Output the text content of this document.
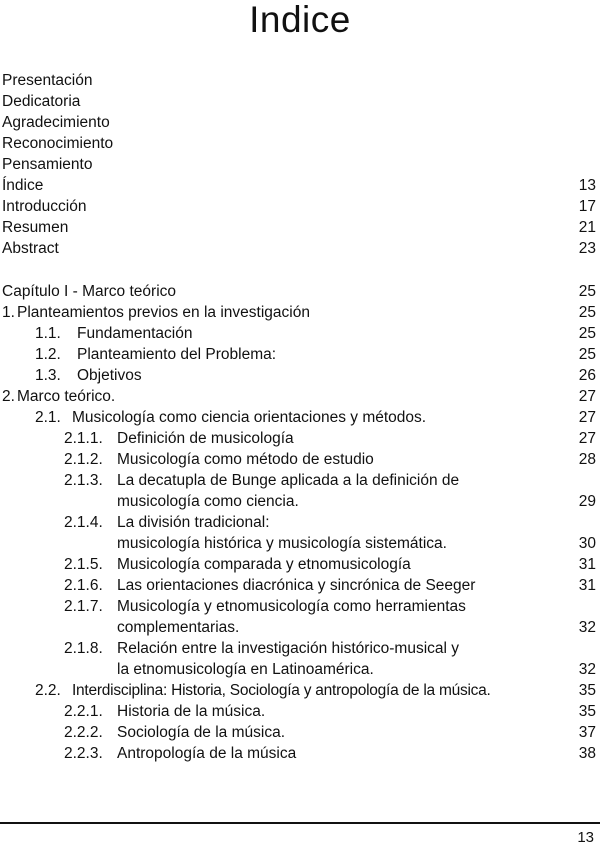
Indice
Presentación
Dedicatoria
Agradecimiento
Reconocimiento
Pensamiento
Índice	13
Introducción	17
Resumen	21
Abstract	23
Capítulo I - Marco teórico	25
1. Planteamientos previos en la investigación	25
1.1. Fundamentación	25
1.2. Planteamiento del Problema:	25
1.3. Objetivos	26
2. Marco teórico.	27
2.1. Musicología como ciencia orientaciones y métodos.	27
2.1.1. Definición de musicología	27
2.1.2. Musicología como método de estudio	28
2.1.3. La decatupla de Bunge aplicada a la definición de
musicología como ciencia.	29
2.1.4. La división tradicional:
musicología histórica y musicología sistemática.	30
2.1.5. Musicología comparada y etnomusicología	31
2.1.6. Las orientaciones diacrónica y sincrónica de Seeger	31
2.1.7. Musicología y etnomusicología como herramientas
complementarias.	32
2.1.8. Relación entre la investigación histórico-musical y
la etnomusicología en Latinoamérica.	32
2.2. Interdisciplina: Historia, Sociología y antropología de la música.	35
2.2.1. Historia de la música.	35
2.2.2. Sociología de la música.	37
2.2.3. Antropología de la música	38
13
